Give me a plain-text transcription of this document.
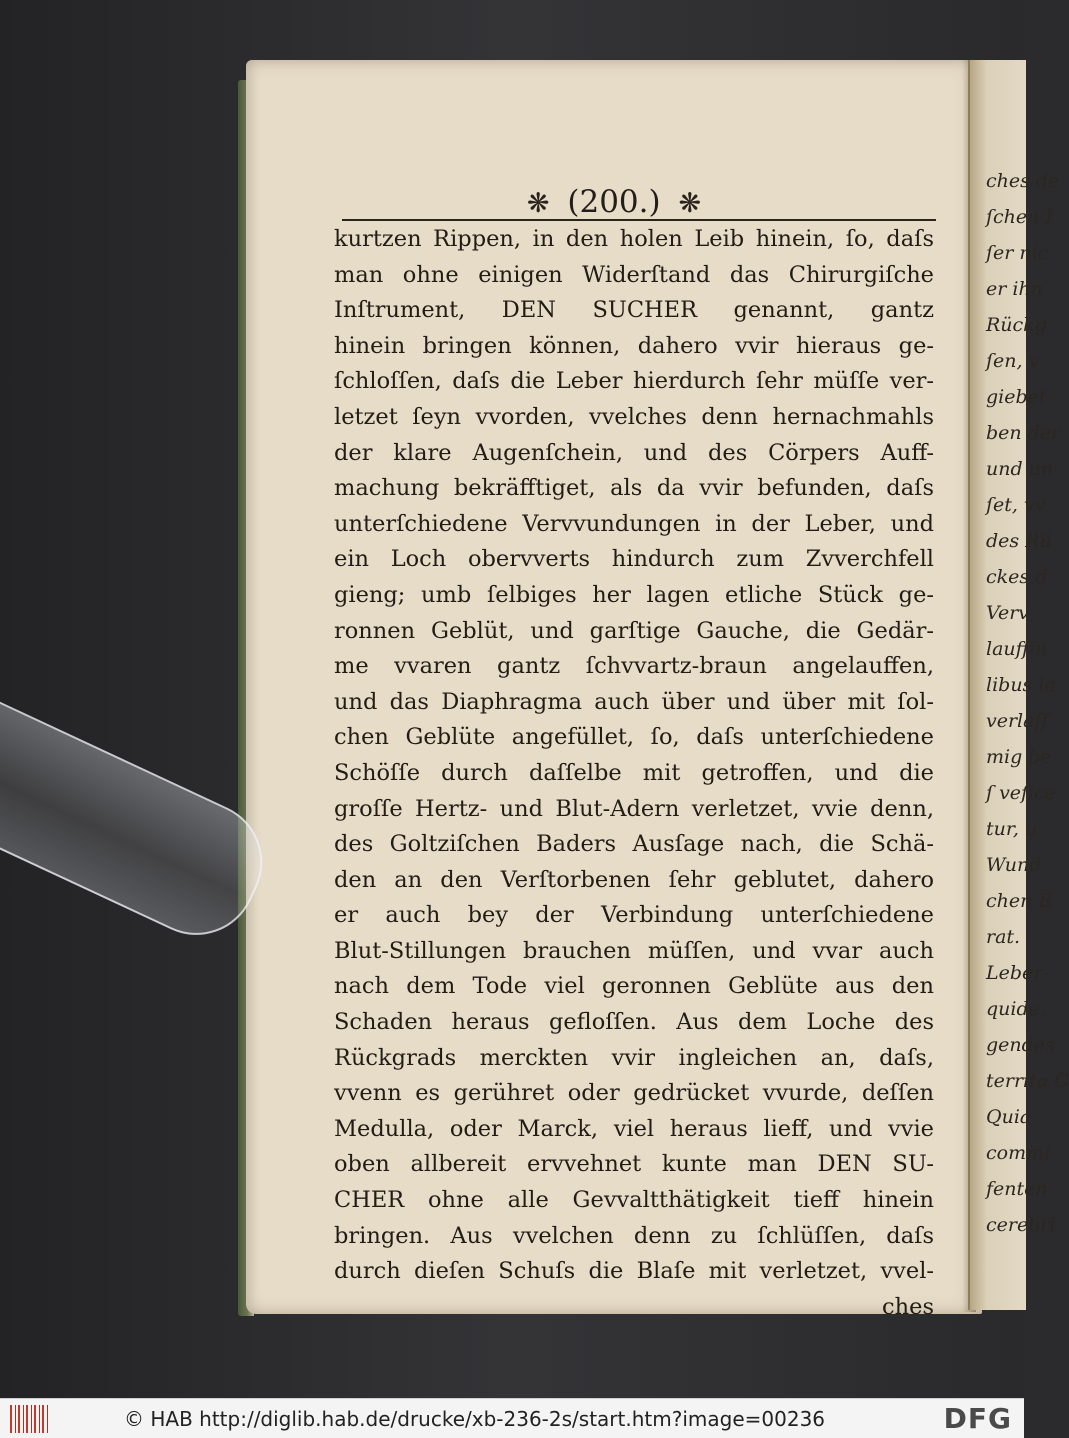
❋ (200.) ❋
kurtzen Rippen, in den holen Leib hinein, ſo, daſs
man ohne einigen Widerſtand das Chirurgiſche
Inſtrument, DEN SUCHER genannt, gantz
hinein bringen können, dahero vvir hieraus ge-
ſchloſſen, daſs die Leber hierdurch ſehr müſſe ver-
letzet ſeyn vvorden, vvelches denn hernachmahls
der klare Augenſchein, und des Cörpers Auff-
machung bekräfftiget, als da vvir befunden, daſs
unterſchiedene Vervvundungen in der Leber, und
ein Loch obervverts hindurch zum Zvverchfell
gieng; umb ſelbiges her lagen etliche Stück ge-
ronnen Geblüt, und garſtige Gauche, die Gedär-
me vvaren gantz ſchvvartz-braun angelauffen,
und das Diaphragma auch über und über mit ſol-
chen Geblüte angefüllet, ſo, daſs unterſchiedene
Schöſſe durch daſſelbe mit getroffen, und die
groſſe Hertz- und Blut-Adern verletzet, vvie denn,
des Goltziſchen Baders Ausſage nach, die Schä-
den an den Verſtorbenen ſehr geblutet, dahero
er auch bey der Verbindung unterſchiedene
Blut-Stillungen brauchen müſſen, und vvar auch
nach dem Tode viel geronnen Geblüte aus den
Schaden heraus gefloſſen. Aus dem Loche des
Rückgrads merckten vvir ingleichen an, daſs,
vvenn es gerühret oder gedrücket vvurde, deſſen
Medulla, oder Marck, viel heraus lieff, und vvie
oben allbereit ervvehnet kunte man DEN SU-
CHER ohne alle Gevvaltthätigkeit tieff hinein
bringen. Aus vvelchen denn zu ſchlüſſen, daſs
durch dieſen Schuſs die Blaſe mit verletzet, vvel-
ches
ches de
ſchen I
ſer nic
er ihn
Rückg
ſen, v
giebet
ben der
und un
ſet, vv
des Rü
ckes d
Verv
lauffin
libus la
verlaſſ
mig be
ſ veſice
tur, u
Wund
chen E
rat.
Leber-
quide.
gendes
territa C
Quia
commi
fenten
cerebri
© HAB http://diglib.hab.de/drucke/xb-236-2s/start.htm?image=00236	DFG
